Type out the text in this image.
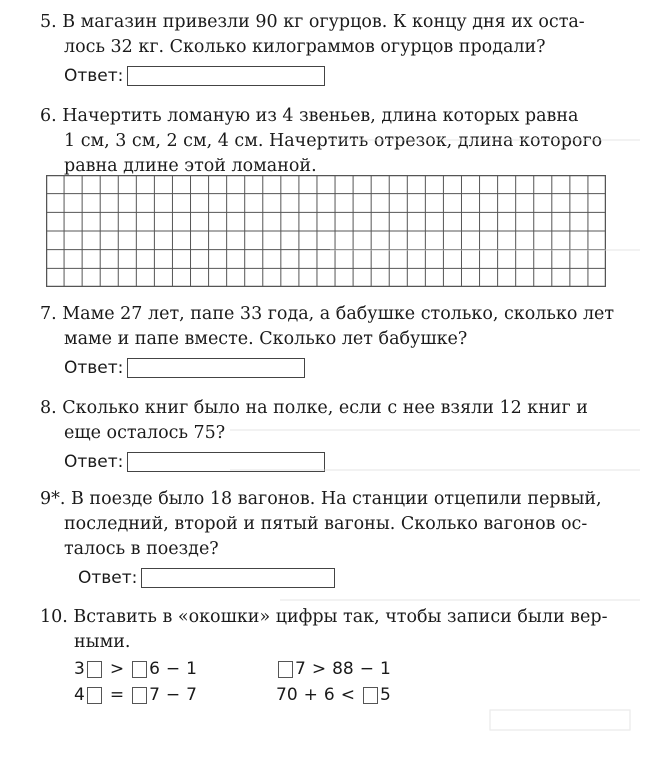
5. В магазин привезли 90 кг огурцов. К концу дня их оста-
лось 32 кг. Сколько килограммов огурцов продали?
Ответ:
6. Начертить ломаную из 4 звеньев, длина которых равна
1 см, 3 см, 2 см, 4 см. Начертить отрезок, длина которого
равна длине этой ломаной.
7. Маме 27 лет, папе 33 года, а бабушке столько, сколько лет
маме и папе вместе. Сколько лет бабушке?
Ответ:
8. Сколько книг было на полке, если с нее взяли 12 книг и
еще осталось 75?
Ответ:
9*. В поезде было 18 вагонов. На станции отцепили первый,
последний, второй и пятый вагоны. Сколько вагонов ос-
талось в поезде?
Ответ:
10. Вставить в «окошки» цифры так, чтобы записи были вер-
ными.
3 > 6 − 1
4 = 7 − 7
7 > 88 − 1
70 + 6 < 5
